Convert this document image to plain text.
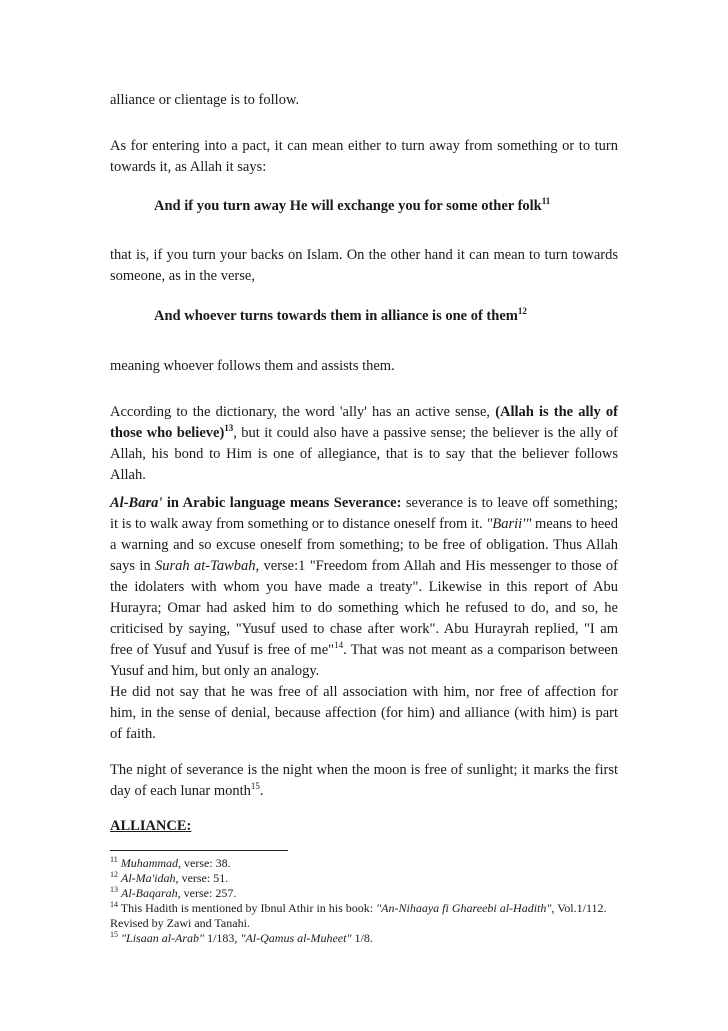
alliance or clientage is to follow.

As for entering into a pact, it can mean either to turn away from something or to turn towards it, as Allah it says:

And if you turn away He will exchange you for some other folk$^{11}$

that is, if you turn your backs on Islam. On the other hand it can mean to turn towards someone, as in the verse,

And whoever turns towards them in alliance is one of them$^{12}$

meaning whoever follows them and assists them.

According to the dictionary, the word 'ally' has an active sense, (Allah is the ally of those who believe)$^{13}$, but it could also have a passive sense; the believer is the ally of Allah, his bond to Him is one of allegiance, that is to say that the believer follows Allah.

Al-Bara' in Arabic language means Severance: severance is to leave off something; it is to walk away from something or to distance oneself from it. "Barii'" means to heed a warning and so excuse oneself from something; to be free of obligation. Thus Allah says in Surah at-Tawbah, verse:1 "Freedom from Allah and His messenger to those of the idolaters with whom you have made a treaty". Likewise in this report of Abu Hurayra; Omar had asked him to do something which he refused to do, and so, he criticised by saying, "Yusuf used to chase after work". Abu Hurayrah replied, "I am free of Yusuf and Yusuf is free of me"$^{14}$. That was not meant as a comparison between Yusuf and him, but only an analogy.

He did not say that he was free of all association with him, nor free of affection for him, in the sense of denial, because affection (for him) and alliance (with him) is part of faith.

The night of severance is the night when the moon is free of sunlight; it marks the first day of each lunar month$^{15}$.

ALLIANCE:
$^{11}$ Muhammad, verse: 38.
$^{12}$ Al-Ma'idah, verse: 51.
$^{13}$ Al-Baqarah, verse: 257.
$^{14}$ This Hadith is mentioned by Ibnul Athir in his book: "An-Nihaaya fi Ghareebi al-Hadith", Vol.1/112.
Revised by Zawi and Tanahi.
$^{15}$ "Lisaan al-Arab" 1/183, "Al-Qamus al-Muheet" 1/8.
